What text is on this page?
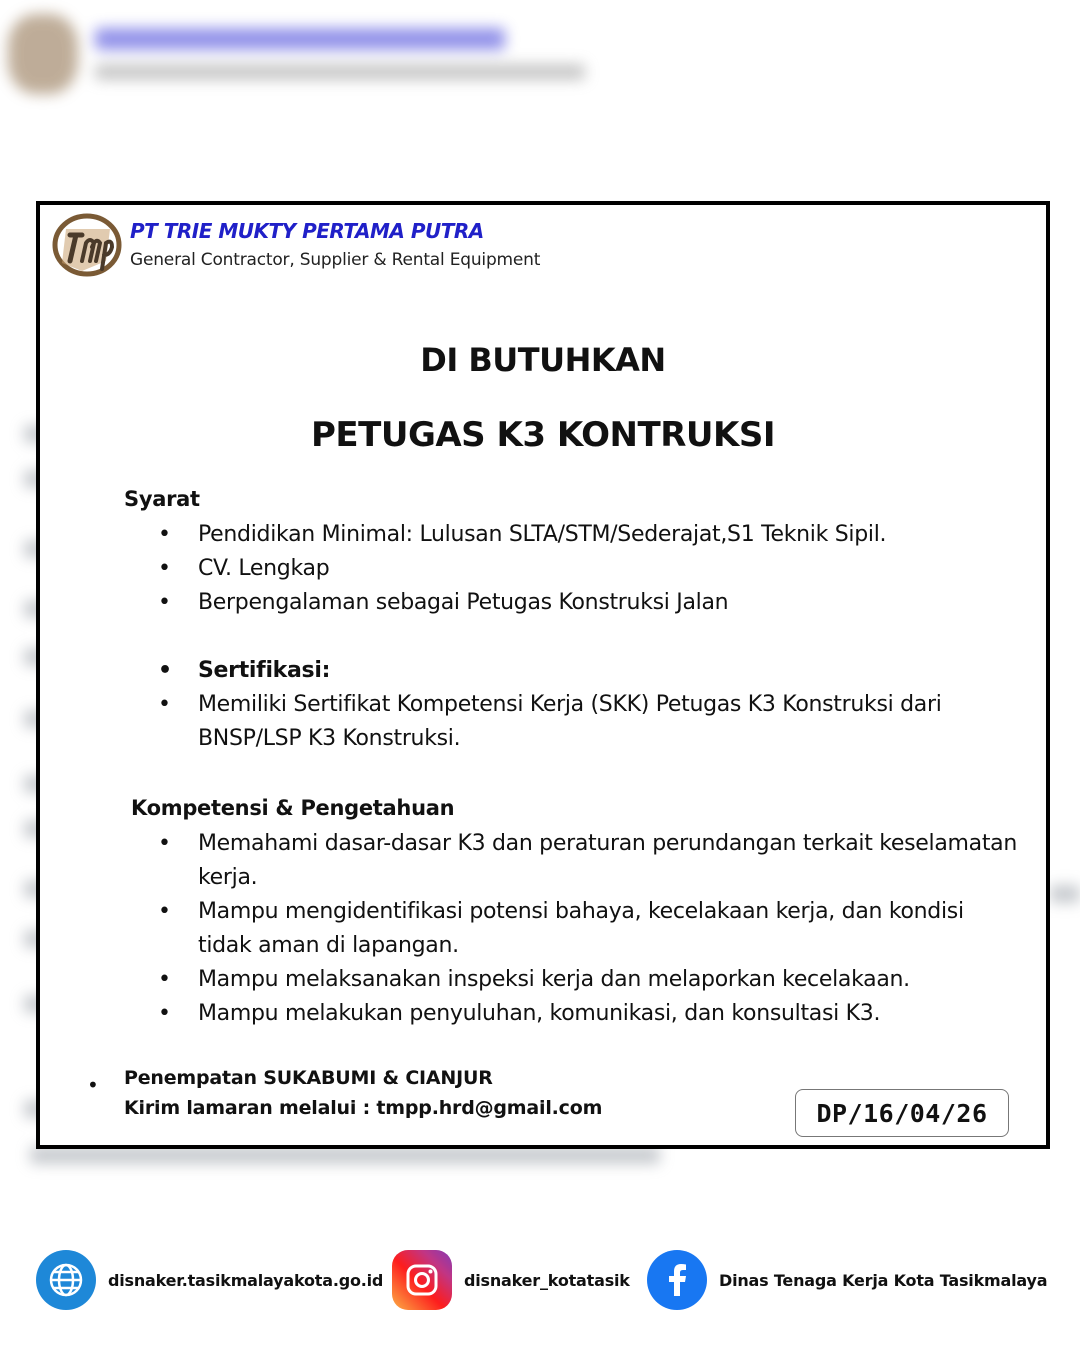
PT TRIE MUKTY PERTAMA PUTRA
General Contractor, Supplier & Rental Equipment
DI BUTUHKAN
PETUGAS K3 KONTRUKSI
Syarat
• Pendidikan Minimal: Lulusan SLTA/STM/Sederajat,S1 Teknik Sipil.
• CV. Lengkap
• Berpengalaman sebagai Petugas Konstruksi Jalan
• Sertifikasi:
• Memiliki Sertifikat Kompetensi Kerja (SKK) Petugas K3 Konstruksi dari BNSP/LSP K3 Konstruksi.
Kompetensi & Pengetahuan
• Memahami dasar-dasar K3 dan peraturan perundangan terkait keselamatan kerja.
• Mampu mengidentifikasi potensi bahaya, kecelakaan kerja, dan kondisi tidak aman di lapangan.
• Mampu melaksanakan inspeksi kerja dan melaporkan kecelakaan.
• Mampu melakukan penyuluhan, komunikasi, dan konsultasi K3.
• Penempatan SUKABUMI & CIANJUR
Kirim lamaran melalui : tmpp.hrd@gmail.com	DP/16/04/26
disnaker.tasikmalayakota.go.id	disnaker_kotatasik	Dinas Tenaga Kerja Kota Tasikmalaya
